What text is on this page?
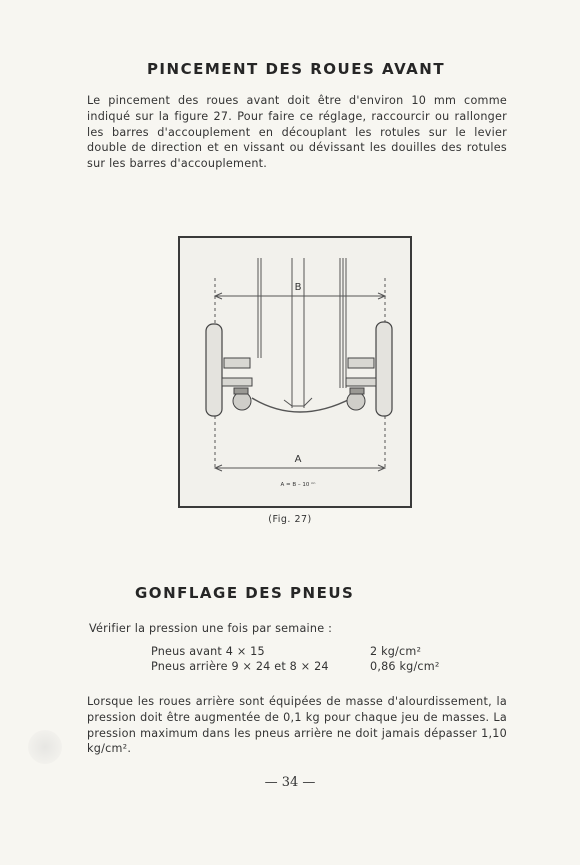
PINCEMENT DES ROUES AVANT
Le pincement des roues avant doit être d'environ 10 mm comme indiqué sur la figure 27. Pour faire ce réglage, raccourcir ou rallonger les barres d'accouplement en découplant les rotules sur le levier double de direction et en vissant ou dévissant les douilles des rotules sur les barres d'accouplement.
B
A
A = B – 10 ⁿⁿ
(Fig. 27)
GONFLAGE DES PNEUS
Vérifier la pression une fois par semaine :
Pneus avant 4 × 15	2 kg/cm²
Pneus arrière 9 × 24 et 8 × 24	0,86 kg/cm²
Lorsque les roues arrière sont équipées de masse d'alourdissement, la pression doit être augmentée de 0,1 kg pour chaque jeu de masses. La pression maximum dans les pneus arrière ne doit jamais dépasser 1,10 kg/cm².
— 34 —
